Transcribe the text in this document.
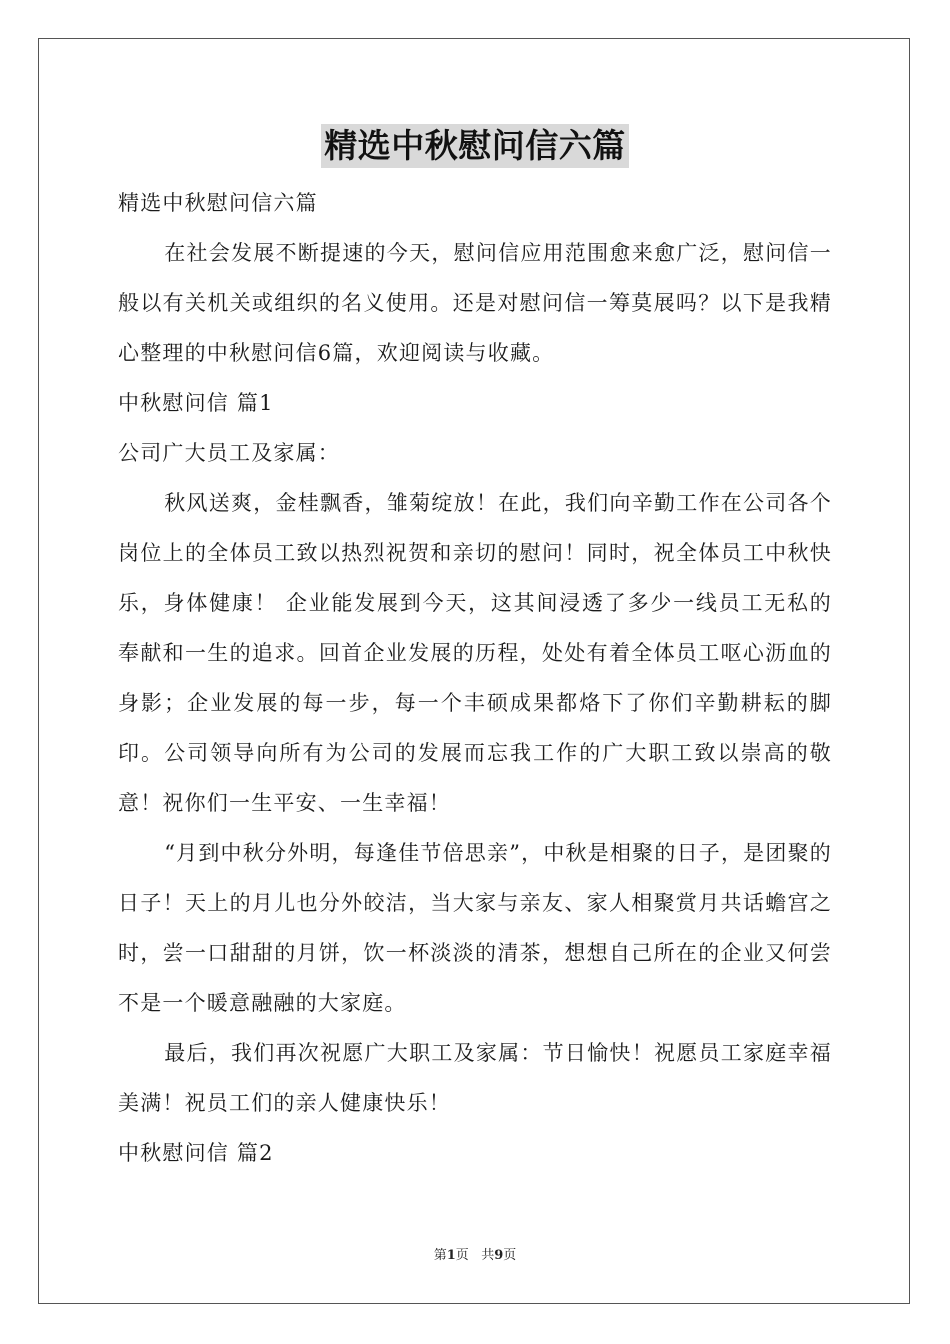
精选中秋慰问信六篇

精选中秋慰问信六篇

在社会发展不断提速的今天，慰问信应用范围愈来愈广泛，慰问信一般以有关机关或组织的名义使用。还是对慰问信一筹莫展吗？以下是我精心整理的中秋慰问信6篇，欢迎阅读与收藏。

中秋慰问信 篇1

公司广大员工及家属：

秋风送爽，金桂飘香，雏菊绽放！在此，我们向辛勤工作在公司各个岗位上的全体员工致以热烈祝贺和亲切的慰问！同时，祝全体员工中秋快乐，身体健康！ 企业能发展到今天，这其间浸透了多少一线员工无私的奉献和一生的追求。回首企业发展的历程，处处有着全体员工呕心沥血的身影；企业发展的每一步，每一个丰硕成果都烙下了你们辛勤耕耘的脚印。公司领导向所有为公司的发展而忘我工作的广大职工致以崇高的敬意！祝你们一生平安、一生幸福！

“月到中秋分外明，每逢佳节倍思亲”，中秋是相聚的日子，是团聚的日子！天上的月儿也分外皎洁，当大家与亲友、家人相聚赏月共话蟾宫之时，尝一口甜甜的月饼，饮一杯淡淡的清茶，想想自己所在的企业又何尝不是一个暖意融融的大家庭。

最后，我们再次祝愿广大职工及家属：节日愉快！祝愿员工家庭幸福美满！祝员工们的亲人健康快乐！

中秋慰问信 篇2

第1页 共9页
